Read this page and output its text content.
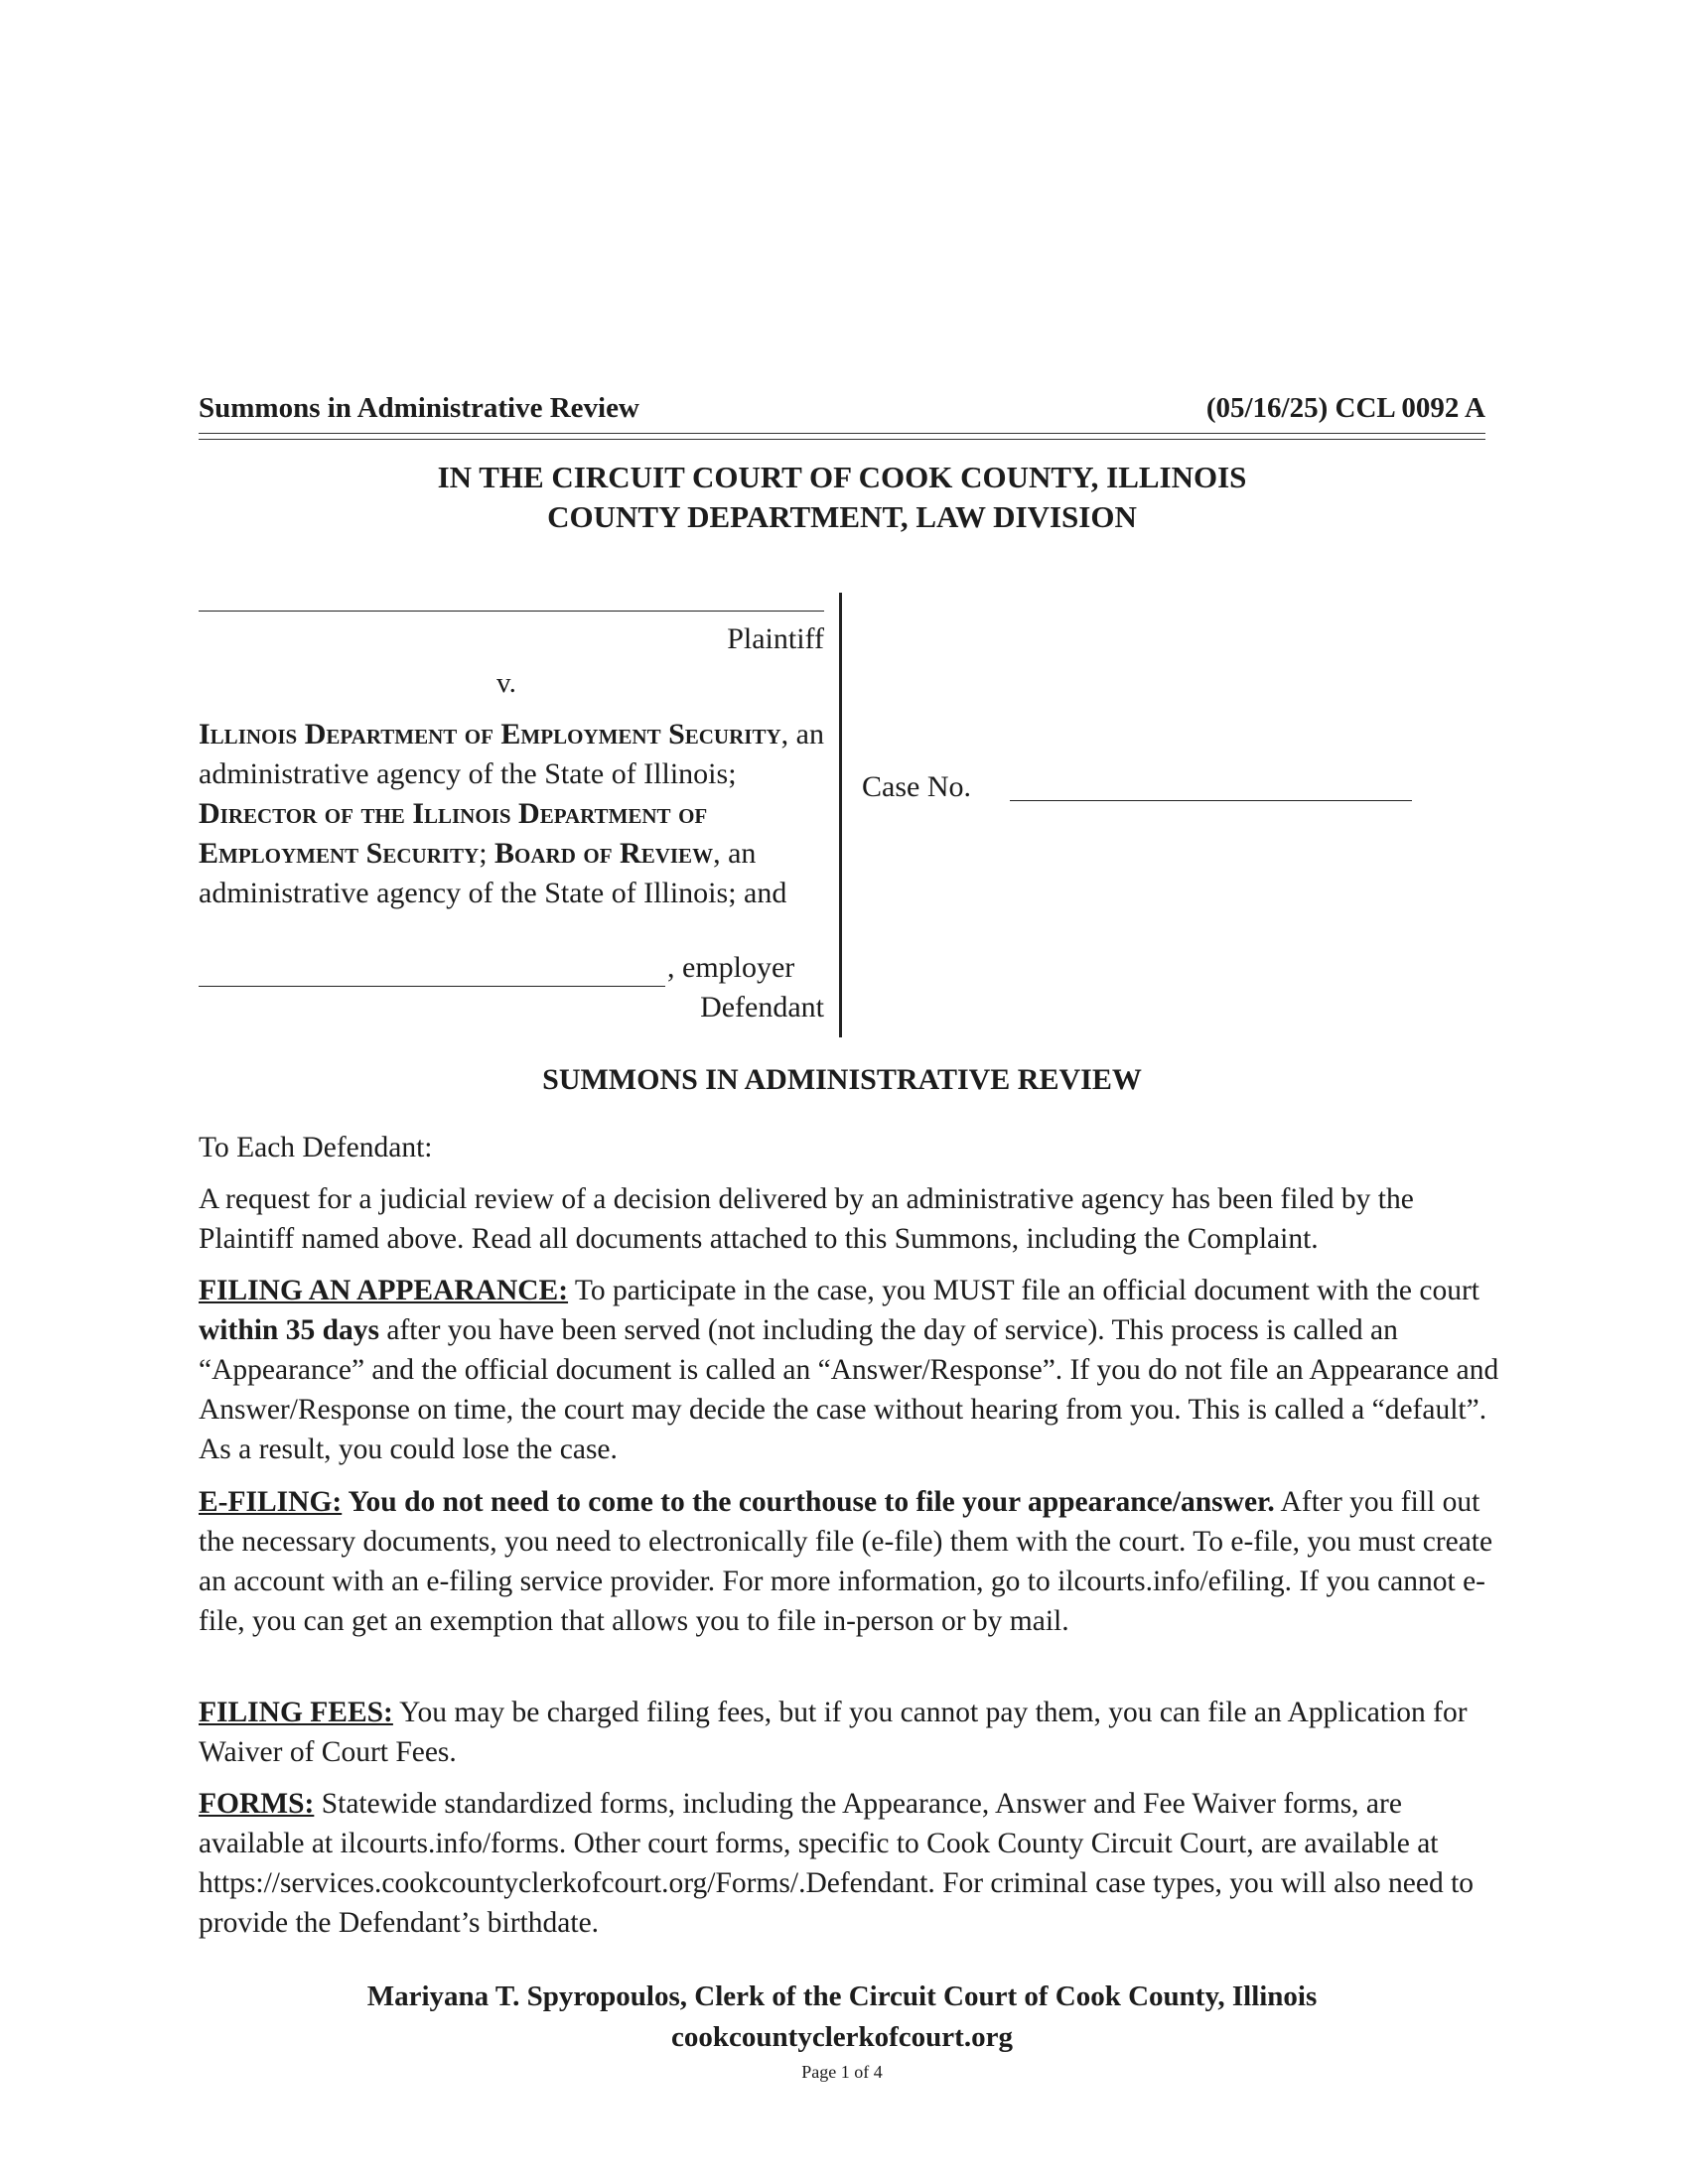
Summons in Administrative Review	(05/16/25) CCL 0092 A
IN THE CIRCUIT COURT OF COOK COUNTY, ILLINOIS
COUNTY DEPARTMENT, LAW DIVISION
Plaintiff
v.
Illinois Department of Employment Security, an administrative agency of the State of Illinois; Director of the Illinois Department of Employment Security; Board of Review, an administrative agency of the State of Illinois; and
, employer
Defendant
Case No.
SUMMONS IN ADMINISTRATIVE REVIEW
To Each Defendant:
A request for a judicial review of a decision delivered by an administrative agency has been filed by the Plaintiff named above. Read all documents attached to this Summons, including the Complaint.
FILING AN APPEARANCE: To participate in the case, you MUST file an official document with the court within 35 days after you have been served (not including the day of service). This process is called an “Appearance” and the official document is called an “Answer/Response”. If you do not file an Appearance and Answer/Response on time, the court may decide the case without hearing from you. This is called a “default”. As a result, you could lose the case.
E-FILING: You do not need to come to the courthouse to file your appearance/answer. After you fill out the necessary documents, you need to electronically file (e-file) them with the court. To e-file, you must create an account with an e-filing service provider. For more information, go to ilcourts.info/efiling. If you cannot e-file, you can get an exemption that allows you to file in-person or by mail.
FILING FEES: You may be charged filing fees, but if you cannot pay them, you can file an Application for Waiver of Court Fees.
FORMS: Statewide standardized forms, including the Appearance, Answer and Fee Waiver forms, are available at ilcourts.info/forms. Other court forms, specific to Cook County Circuit Court, are available at https://services.cookcountyclerkofcourt.org/Forms/.Defendant. For criminal case types, you will also need to provide the Defendant’s birthdate.
Mariyana T. Spyropoulos, Clerk of the Circuit Court of Cook County, Illinois
cookcountyclerkofcourt.org
Page 1 of 4
